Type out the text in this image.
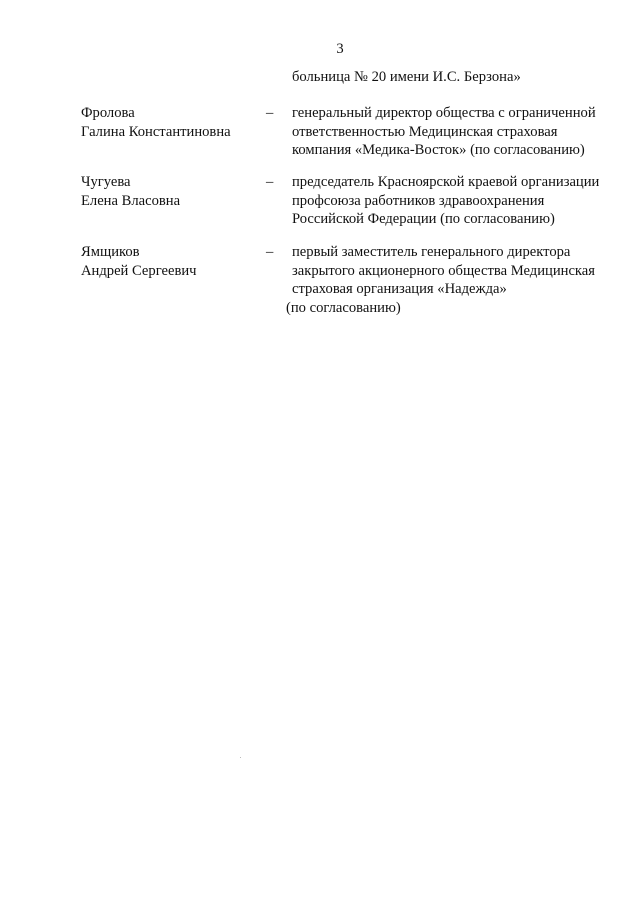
3
больница № 20 имени И.С. Берзона»
Фролова
Галина Константиновна
– генеральный директор общества с ограниченной
ответственностью Медицинская страховая
компания «Медика-Восток» (по согласованию)
Чугуева
Елена Власовна
– председатель Красноярской краевой организации
профсоюза работников здравоохранения
Российской Федерации (по согласованию)
Ямщиков
Андрей Сергеевич
– первый заместитель генерального директора
закрытого акционерного общества Медицинская
страховая организация «Надежда»
(по согласованию)
